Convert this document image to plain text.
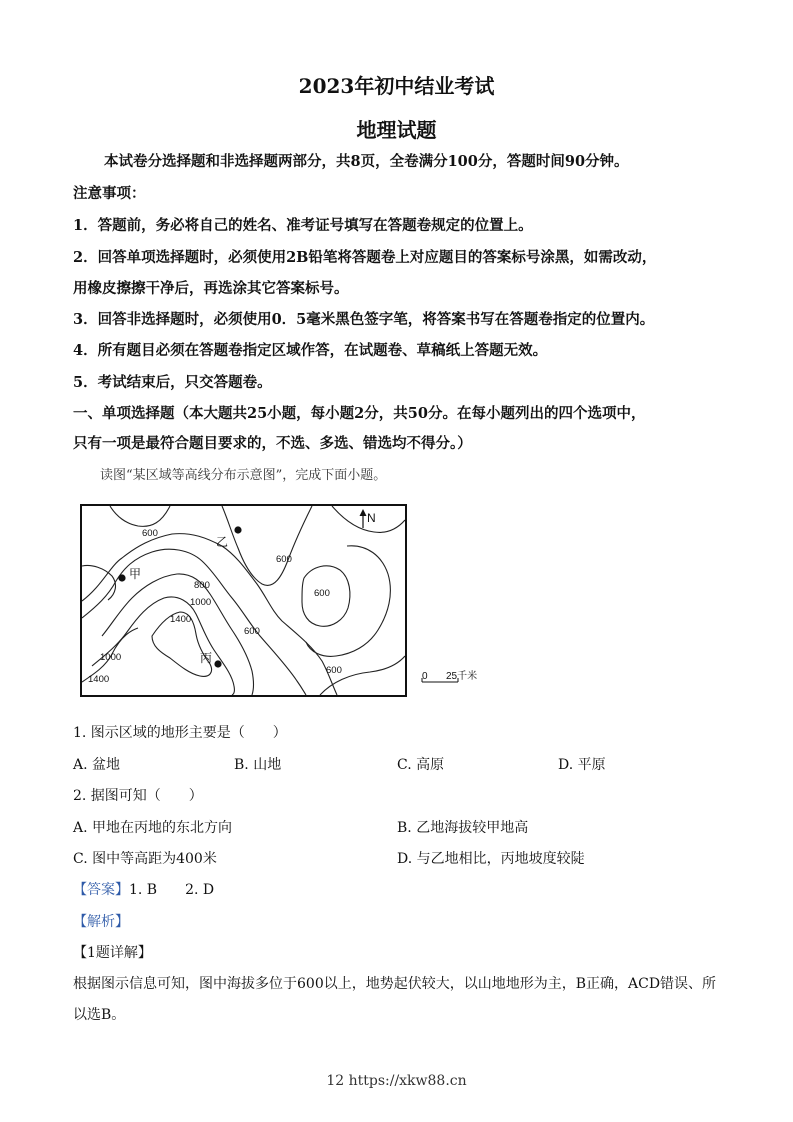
2023年初中结业考试
地理试题
本试卷分选择题和非选择题两部分，共8页，全卷满分100分，答题时间90分钟。
注意事项：
1．答题前，务必将自己的姓名、准考证号填写在答题卷规定的位置上。
2．回答单项选择题时，必须使用2B铅笔将答题卷上对应题目的答案标号涂黑，如需改动，
用橡皮擦擦干净后，再选涂其它答案标号。
3．回答非选择题时，必须使用0．5毫米黑色签字笔，将答案书写在答题卷指定的位置内。
4．所有题目必须在答题卷指定区域作答，在试题卷、草稿纸上答题无效。
5．考试结束后，只交答题卷。
一、单项选择题（本大题共25小题，每小题2分，共50分。在每小题列出的四个选项中，
只有一项是最符合题目要求的，不选、多选、错选均不得分。）
读图“某区域等高线分布示意图”，完成下面小题。
600
600
600
800
1000
1400
600
1000
1400
600
甲
乙
丙
N
0 25千米
1. 图示区域的地形主要是（　　）
A. 盆地	B. 山地	C. 高原	D. 平原
2. 据图可知（　　）
A. 甲地在丙地的东北方向	B. 乙地海拔较甲地高
C. 图中等高距为400米	D. 与乙地相比，丙地坡度较陡
【答案】1. B　　2. D
【解析】
【1题详解】
根据图示信息可知，图中海拔多位于600以上，地势起伏较大，以山地地形为主，B正确，ACD错误、所
以选B。
12 https://xkw88.cn
